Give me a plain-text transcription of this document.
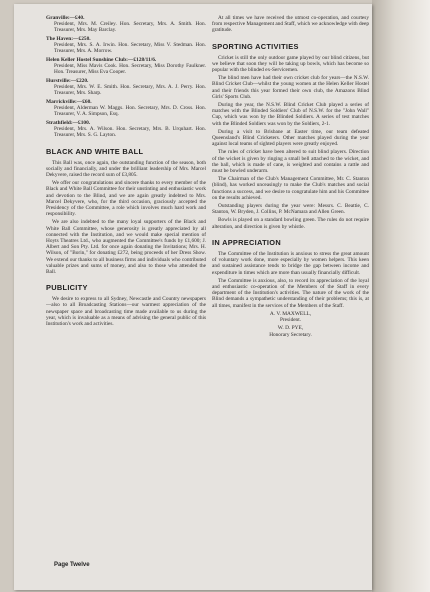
Granville:—£40.
President, Mrs. M. Creiley. Hon. Secretary, Mrs. A. Smith. Hon. Treasurer, Mrs. May Barclay.
The Haven:—£250.
President, Mrs. S. A. Irwin. Hon. Secretary, Miss V. Stedman. Hon. Treasurer, Mrs. A. Morrow.
Helen Keller Hostel Sunshine Club:—£128/11/6.
President, Miss Mavis Cook. Hon. Secretary, Miss Dorothy Faulkner. Hon. Treasurer, Miss Eva Cooper.
Hurstville:—£220.
President, Mrs. W. E. Smith. Hon. Secretary, Mrs. A. J. Perry. Hon. Treasurer, Mrs. Sharp.
Marrickville:—£60.
President, Alderman W. Maggs. Hon. Secretary, Mrs. D. Cross. Hon. Treasurer, V. A. Simpson, Esq.
Strathfield:—£100.
President, Mrs. A. Wilson. Hon. Secretary, Mrs. B. Urquhart. Hon. Treasurer, Mrs. S. G. Layton.
BLACK AND WHITE BALL

This Ball was, once again, the outstanding function of the season, both socially and financially, and under the brilliant leadership of Mrs. Marcel Dekyvere, raised the record sum of £3,805.

We offer our congratulations and sincere thanks to every member of the Black and White Ball Committee for their unstinting and enthusiastic work and devotion to the Blind, and we are again greatly indebted to Mrs. Marcel Dekyvere, who, for the third occasion, graciously accepted the Presidency of the Committee, a role which involves much hard work and responsibility.

We are also indebted to the many loyal supporters of the Black and White Ball Committee, whose generosity is greatly appreciated by all connected with the Institution, and we would make special mention of Hoyts Theatres Ltd., who augmented the Committee's funds by £1,600; J. Albert and Son Pty. Ltd. for once again donating the Invitations; Mrs. H. Wilson, of "Borin," for donating £272, being proceeds of her Dress Show. We extend our thanks to all business firms and individuals who contributed valuable prizes and sums of money, and also to those who attended the Ball.

PUBLICITY

We desire to express to all Sydney, Newcastle and Country newspapers—also to all Broadcasting Stations—our warmest appreciation of the newspaper space and broadcasting time made available to us during the year, which is invaluable as a means of advising the general public of this Institution's work and activities.

At all times we have received the utmost co-operation, and courtesy from respective Management and Staff, which we acknowledge with deep gratitude.

SPORTING ACTIVITIES

Cricket is still the only outdoor game played by our blind citizens, but we believe that soon they will be taking up bowls, which has become so popular with the blinded ex-Servicemen.

The blind men have had their own cricket club for years—the N.S.W. Blind Cricket Club—whilst the young women at the Helen Keller Hostel and their friends this year formed their own club, the Amazons Blind Girls' Sports Club.

During the year, the N.S.W. Blind Cricket Club played a series of matches with the Blinded Soldiers' Club of N.S.W. for the "John Wall" Cup, which was won by the Blinded Soldiers. A series of test matches with the Blinded Soldiers was won by the Soldiers, 2-1.

During a visit to Brisbane at Easter time, our team defeated Queensland's Blind Cricketers. Other matches played during the year against local teams of sighted players were greatly enjoyed.

The rules of cricket have been altered to suit blind players. Direction of the wicket is given by ringing a small bell attached to the wicket, and the ball, which is made of cane, is weighted and contains a rattle and must be bowled underarm.

The Chairman of the Club's Management Committee, Mr. C. Stanton (blind), has worked unceasingly to make the Club's matches and social functions a success, and we desire to congratulate him and his Committee on the results achieved.

Outstanding players during the year were: Messrs. C. Beattie, C. Stanton, W. Bryden, J. Collins, P. McNamara and Allen Green.

Bowls is played on a standard bowling green. The rules do not require alteration, and direction is given by whistle.

IN APPRECIATION

The Committee of the Institution is anxious to stress the great amount of voluntary work done, more especially by women helpers. This keen and sustained assistance tends to bridge the gap between income and expenditure in times which are more than usually financially difficult.

The Committee is anxious, also, to record its appreciation of the loyal and enthusiastic co-operation of the Members of the Staff in every department of the Institution's activities. The nature of the work of the Blind demands a sympathetic understanding of their problems; this is, at all times, manifest in the services of the Members of the Staff.

A. V. MAXWELL,
President.
W. D. PYE,
Honorary Secretary.
Page Twelve
